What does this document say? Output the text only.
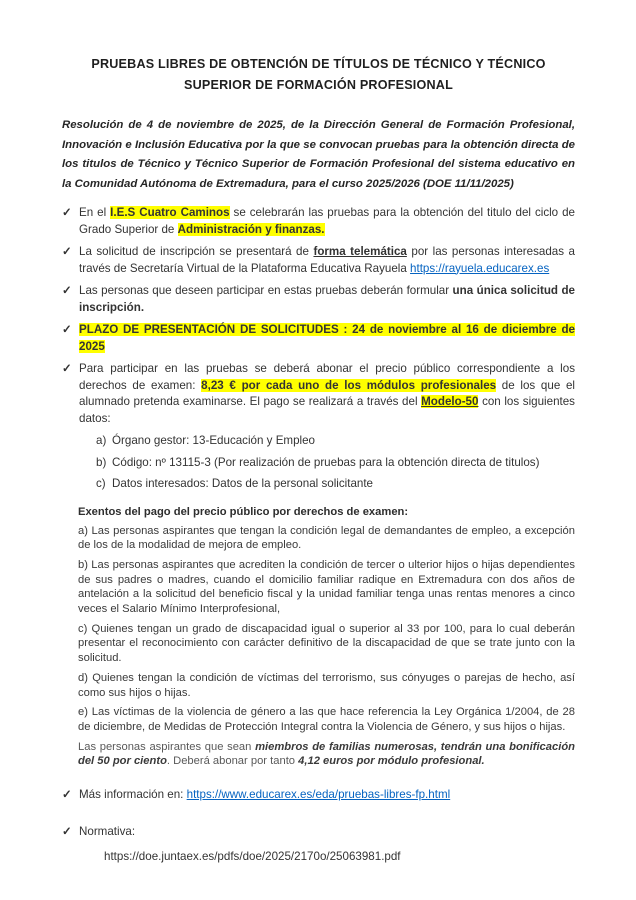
PRUEBAS LIBRES DE OBTENCIÓN DE TÍTULOS DE TÉCNICO Y TÉCNICO
SUPERIOR DE FORMACIÓN PROFESIONAL

Resolución de 4 de noviembre de 2025, de la Dirección General de Formación Profesional, Innovación e Inclusión Educativa por la que se convocan pruebas para la obtención directa de los titulos de Técnico y Técnico Superior de Formación Profesional del sistema educativo en la Comunidad Autónoma de Extremadura, para el curso 2025/2026 (DOE 11/11/2025)

✓ En el I.E.S Cuatro Caminos se celebrarán las pruebas para la obtención del titulo del ciclo de Grado Superior de Administración y finanzas.
✓ La solicitud de inscripción se presentará de forma telemática por las personas interesadas a través de Secretaría Virtual de la Plataforma Educativa Rayuela https://rayuela.educarex.es
✓ Las personas que deseen participar en estas pruebas deberán formular una única solicitud de inscripción.
✓ PLAZO DE PRESENTACIÓN DE SOLICITUDES : 24 de noviembre al 16 de diciembre de 2025
✓ Para participar en las pruebas se deberá abonar el precio público correspondiente a los derechos de examen: 8,23 € por cada uno de los módulos profesionales de los que el alumnado pretenda examinarse. El pago se realizará a través del Modelo-50 con los siguientes datos:
a)Órgano gestor: 13-Educación y Empleo
b)Código: nº 13115-3 (Por realización de pruebas para la obtención directa de titulos)
c)Datos interesados: Datos de la personal solicitante

Exentos del pago del precio público por derechos de examen:

a) Las personas aspirantes que tengan la condición legal de demandantes de empleo, a excepción de los de la modalidad de mejora de empleo.

b) Las personas aspirantes que acrediten la condición de tercer o ulterior hijos o hijas dependientes de sus padres o madres, cuando el domicilio familiar radique en Extremadura con dos años de antelación a la solicitud del beneficio fiscal y la unidad familiar tenga unas rentas menores a cinco veces el Salario Mínimo Interprofesional,

c) Quienes tengan un grado de discapacidad igual o superior al 33 por 100, para lo cual deberán presentar el reconocimiento con carácter definitivo de la discapacidad de que se trate junto con la solicitud.

d) Quienes tengan la condición de víctimas del terrorismo, sus cónyuges o parejas de hecho, así como sus hijos o hijas.

e) Las víctimas de la violencia de género a las que hace referencia la Ley Orgánica 1/2004, de 28 de diciembre, de Medidas de Protección Integral contra la Violencia de Género, y sus hijos o hijas.

Las personas aspirantes que sean miembros de familias numerosas, tendrán una bonificación del 50 por ciento. Deberá abonar por tanto 4,12 euros por módulo profesional.

✓ Más información en: https://www.educarex.es/eda/pruebas-libres-fp.html
✓ Normativa:

https://doe.juntaex.es/pdfs/doe/2025/2170o/25063981.pdf
